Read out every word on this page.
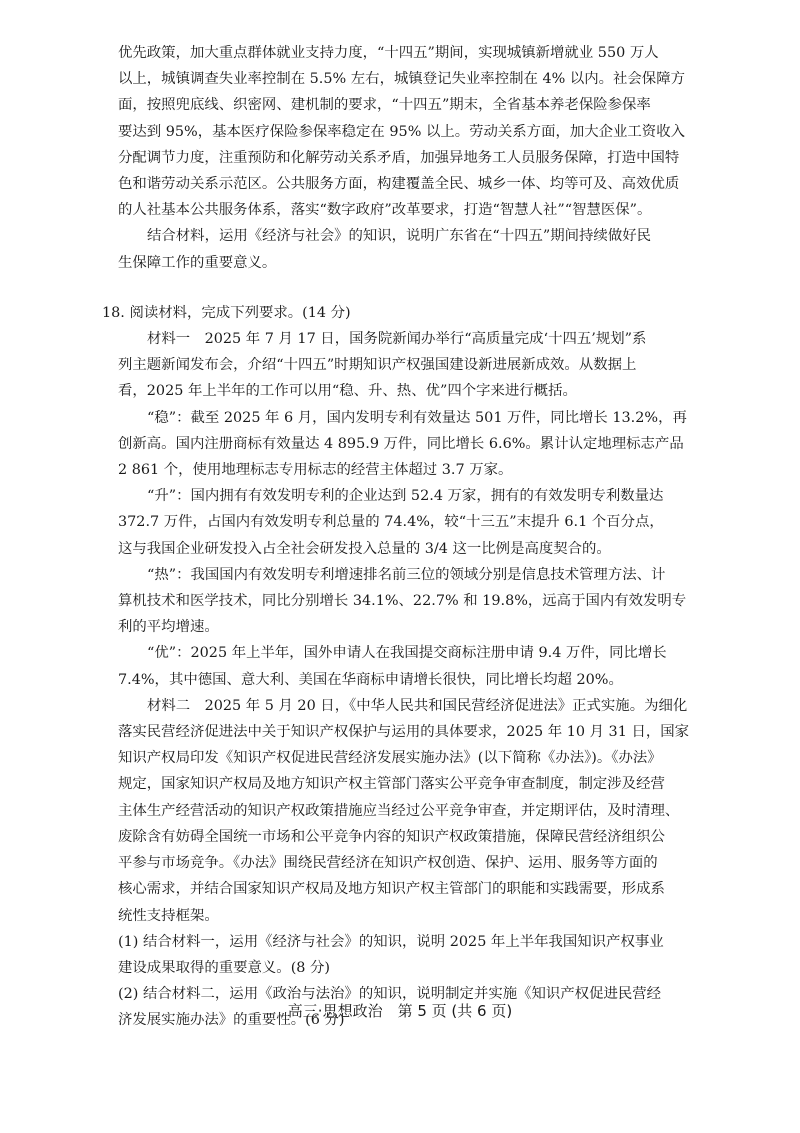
优先政策，加大重点群体就业支持力度，“十四五”期间，实现城镇新增就业 550 万人
以上，城镇调查失业率控制在 5.5% 左右，城镇登记失业率控制在 4% 以内。社会保障方
面，按照兜底线、织密网、建机制的要求，“十四五”期末，全省基本养老保险参保率
要达到 95%，基本医疗保险参保率稳定在 95% 以上。劳动关系方面，加大企业工资收入
分配调节力度，注重预防和化解劳动关系矛盾，加强异地务工人员服务保障，打造中国特
色和谐劳动关系示范区。公共服务方面，构建覆盖全民、城乡一体、均等可及、高效优质
的人社基本公共服务体系，落实“数字政府”改革要求，打造“智慧人社”“智慧医保”。
结合材料，运用《经济与社会》的知识，说明广东省在“十四五”期间持续做好民
生保障工作的重要意义。
18. 阅读材料，完成下列要求。(14 分)
材料一　2025 年 7 月 17 日，国务院新闻办举行“高质量完成‘十四五’规划”系
列主题新闻发布会，介绍“十四五”时期知识产权强国建设新进展新成效。从数据上
看，2025 年上半年的工作可以用“稳、升、热、优”四个字来进行概括。
“稳”：截至 2025 年 6 月，国内发明专利有效量达 501 万件，同比增长 13.2%，再
创新高。国内注册商标有效量达 4 895.9 万件，同比增长 6.6%。累计认定地理标志产品
2 861 个，使用地理标志专用标志的经营主体超过 3.7 万家。
“升”：国内拥有有效发明专利的企业达到 52.4 万家，拥有的有效发明专利数量达
372.7 万件，占国内有效发明专利总量的 74.4%，较“十三五”末提升 6.1 个百分点，
这与我国企业研发投入占全社会研发投入总量的 3/4 这一比例是高度契合的。
“热”：我国国内有效发明专利增速排名前三位的领域分别是信息技术管理方法、计
算机技术和医学技术，同比分别增长 34.1%、22.7% 和 19.8%，远高于国内有效发明专
利的平均增速。
“优”：2025 年上半年，国外申请人在我国提交商标注册申请 9.4 万件，同比增长
7.4%，其中德国、意大利、美国在华商标申请增长很快，同比增长均超 20%。
材料二　2025 年 5 月 20 日，《中华人民共和国民营经济促进法》正式实施。为细化
落实民营经济促进法中关于知识产权保护与运用的具体要求，2025 年 10 月 31 日，国家
知识产权局印发《知识产权促进民营经济发展实施办法》(以下简称《办法》)。《办法》
规定，国家知识产权局及地方知识产权主管部门落实公平竞争审查制度，制定涉及经营
主体生产经营活动的知识产权政策措施应当经过公平竞争审查，并定期评估，及时清理、
废除含有妨碍全国统一市场和公平竞争内容的知识产权政策措施，保障民营经济组织公
平参与市场竞争。《办法》围绕民营经济在知识产权创造、保护、运用、服务等方面的
核心需求，并结合国家知识产权局及地方知识产权主管部门的职能和实践需要，形成系
统性支持框架。
(1) 结合材料一，运用《经济与社会》的知识，说明 2025 年上半年我国知识产权事业
建设成果取得的重要意义。(8 分)
(2) 结合材料二，运用《政治与法治》的知识，说明制定并实施《知识产权促进民营经
济发展实施办法》的重要性。(6 分)
高三·思想政治　第 5 页 (共 6 页)
